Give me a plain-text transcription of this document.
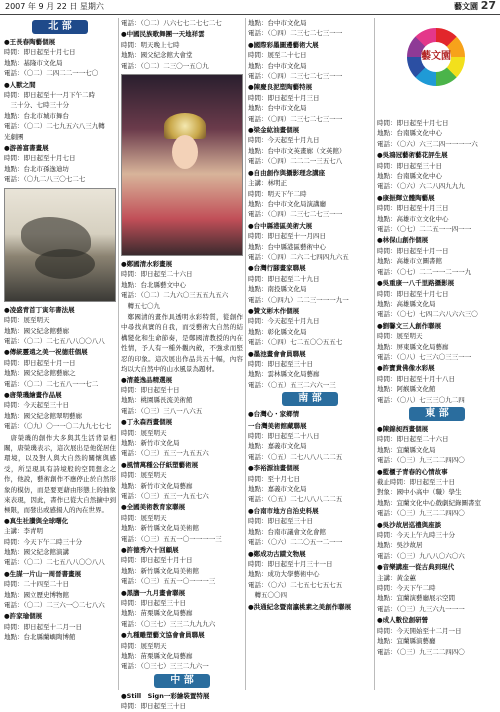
2007 年 9 月 22 日 星期六	藝文園 27
北 部
●王長春陶藝個展
時間：即日起至十月七日
地點：基隆市文化局
電話：（〇二）二四二二一一七〇
●人獸之間
時間：即日起至十一月下午二時
　三十分、七時三十分
地點：台北市城市舞台
電話：（〇二）二七九五六八三九轉
光劇團
●游善富書畫展
時間：即日起至十月七日
地點：台北市孫逸迪坊
電話：（〇九二八三〇七二七
●凌盛青首丁寅年書法展
時間：展至明天
地點：國父紀念館藝廊
電話：（〇二）二七五八八〇〇八八
●傳統靈遠之美一祝德莊個展
時間：即日起至十月一日
地點：國父紀念館藝廊之
電話：（〇二）二七五八一一七二
●唐榮璣繪畫作品展
時間：今天起至三十日
地點：國父紀念館翠明藝廊
電話：（〇九）〇一一〇二九九七七七
唐榮璣的創作大多與其生活背景相關，唐榮璣表示，這次展出是他從居住環境，以及對人與大自然的關懷與感受，所呈現具有詩境般的空間想念之作，他說，藝術創作不應停止於自然形象的模仿，而是要更藉由形態上的抽象來表現，因此，書作已從大自然擴中到極限，而發出或感揚人的內在世界。
●真生社讚與全球曙化
主講：李青明
時間：今天下午二時三十分
地點：國父紀念館演講
電話：（〇二）二七五八八〇〇八八
●生謀一片山一周晉書畫展
時間：二十四至二十日
地點：國立歷史博物館
電話：（〇二）二三六一〇二七八六
●許家瑜個展
時間：即日起至十二月一日
地點：台北縣蘭嶼陶博館
電話：（〇二）八六七七二七七二七
●中國民族歌舞團一天地祥雲
時間：明天晚上七時
地點：國父紀念館大會堂
電話：（〇二）二三〇一五〇九
●鄭國清水彩畫展
時間：即日起至二十六日
地點：台北縣藝文中心
電話：（〇二）二九六〇三五五九五六
　轉五七〇九
鄭國清的畫作具透明水彩特質，從創作中尋找真實的自我，而受藝術大自然的結構變化和生命節奏，是鄭國清教授的內在性情，予人有一種外觀內斂，不強求而堅忍的印象。這次展出作品共五十幅，內容均以大自然中的山水風景為題材。
●清菱逸品精選展
時間：即日起至十日
地點：桃園縣長流美術館
電話：（〇三）三八一八六五
●丁永森西畫個展
時間：展至明天
地點：新竹市文化局
電話：（〇三）五三一九五五六
●風情萬種公仔紙塑藝術展
時間：展至明天
地點：新竹市文化局藝廊
電話：（〇三）五三一九五七六
●全國美術教育家聯展
時間：展至明天
地點：新竹縣文化局美術館
電話：（〇三）五五一〇一一一一三
●許德秀六十回顧展
時間：即日起至十月十日
地點：新竹縣文化局美術館
電話：（〇三）五五一〇一一一三
●黑膽一九月畫會聯展
時間：即日起至三十日
地點：苗栗縣文化局藝廊
電話：（〇三七）三三二九九九六
●九種雕塑藝文協會會員聯展
時間：展至明天
地點：苗栗縣文化局藝廊
電話：（〇三七）三三二九六一
中 部
●Still　Sign一彩繪裝置特展
時間：即日起至三十日
地點：台中市文化局
電話：（〇四）二三七二七三一一
●國際彩墨圖邊藝術大展
時間：展至二十七日
地點：台中市文化局
電話：（〇四）二三七二七三一一
●陳慶良泥塑陶藝特展
時間：即日起至十月三日
地點：台中市文化局
電話：（〇四）二三七二七三一一
●梁金紘油畫個展
時間：今天起至十月九日
地點：台中市文英畫廊（文英館）
電話：（〇四）二二二一三五七八
●自由創作與攝影理念講座
主講：林明正
時間：明天下午二時
地點：台中市文化局演講廳
電話：（〇四）二三七二七三一一
●台中縣港區美術大展
時間：即日起至十一月四日
地點：台中縣港區藝術中心
電話：（〇四）二六二七四四九六五
●台灣行腳畫家聯展
時間：即日起至二十九日
地點：南投縣文化局
電話：（〇四九）二二三一一一九一
●贊文彬木作個展
時間：今天起至十月九日
地點：彰化縣文化局
電話：（〇四）七二五〇〇五五七
●墨池畫會會員聯展
時間：即日起至三十日
地點：雲林縣文化局藝廊
電話：（〇五）五三二六六一三
南 部
●台灣心・家鄉情
一台灣美術館藏聯展
時間：即日起至二十八日
地點：嘉義市文化局
電話：（〇五）二七八八八二二五
●李裕源油畫個展
時間：至十月七日
地點：嘉義市文化局
電話：（〇五）二七八八八二二五
●台南市地方自治史料展
時間：即日起至三十日
地點：台南市議會文化會館
電話：（〇六）二二〇五一二一一
●鄭成功古蹟文物展
時間：即日起至十月三十一日
地點：成功大學藝術中心
電話：（〇六）二七五七七五七五
　轉五〇〇四
●洪通紀念暨南瀛桃素之美創作聯展
藝文園
時間：即日起至十月七日
地點：台南縣文化中心
電話：（〇六）六三二四一一一一六
●吳鴻冠藝術藝花評生展
時間：即日起至三十日
地點：台南縣文化中心
電話：（〇六）六二八四九九九
●康振輝立體陶藝展
時間：即日起至十月三日
地點：高雄市立文化中心
電話：（〇七）二二五一一四一一
●林保山創作個展
時間：即日起至十月一日
地點：高雄市立圖書館
電話：（〇七）二二一一二一一九
●吳重康一八千里路攝影展
時間：即日起至十月七日
地點：高雄縣文化局
電話：（〇七）七四二六八六六三〇
●劉馨文三人創作聯展
時間：展至明天
地點：屏東縣文化局藝廊
電話：（〇八）七三六〇三三一一
●許寶貴佛像水彩展
時間：即日起至十月十八日
地點：阿緱縣文化館
電話：（〇八）七三三〇九二四
東 部
●陳錦昶西畫個展
時間：即日起至二十六日
地點：宜蘭縣文化局
電話：（〇三）九三二二四四〇
●藍櫃子青春的心情故事
截止時間：即日起至三十日
對象：國中小高中（職）學生
地點：宜蘭文化中心戲劇紀錄圖書室
電話：（〇三）九三二二四四〇
●吳沙故居巡禮與座談
時間：今天上午九時三十分
地點：吳沙故居
電話：（〇三）九八八〇六〇六
●音樂講座一從古典到現代
主講：黃金蕙
時間：今天下午二時
地點：宜蘭演藝廳展示空間
電話：（〇三）九三六九一一一
●成人數位創研營
時間：今天開始至十二月一日
地點：宜蘭縣演藝廳
電話：（〇三）九三二二四四〇
